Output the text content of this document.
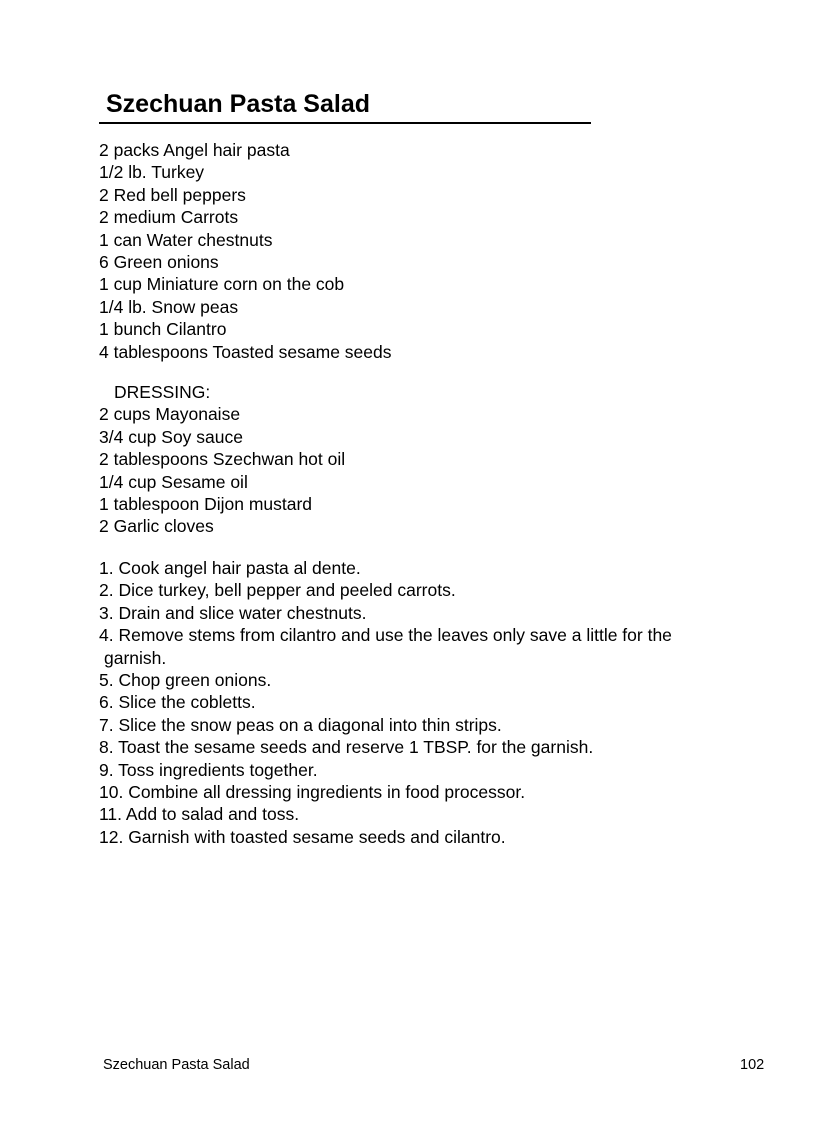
Szechuan Pasta Salad
2 packs Angel hair pasta
1/2 lb. Turkey
2 Red bell peppers
2 medium Carrots
1 can Water chestnuts
6 Green onions
1 cup Miniature corn on the cob
1/4 lb. Snow peas
1 bunch Cilantro
4 tablespoons Toasted sesame seeds
DRESSING:
2 cups Mayonaise
3/4 cup Soy sauce
2 tablespoons Szechwan hot oil
1/4 cup Sesame oil
1 tablespoon Dijon mustard
2 Garlic cloves
1. Cook angel hair pasta al dente.
2. Dice turkey, bell pepper and peeled carrots.
3. Drain and slice water chestnuts.
4. Remove stems from cilantro and use the leaves only save a little for the
garnish.
5. Chop green onions.
6. Slice the cobletts.
7. Slice the snow peas on a diagonal into thin strips.
8. Toast the sesame seeds and reserve 1 TBSP. for the garnish.
9. Toss ingredients together.
10. Combine all dressing ingredients in food processor.
11. Add to salad and toss.
12. Garnish with toasted sesame seeds and cilantro.
Szechuan Pasta Salad	102
